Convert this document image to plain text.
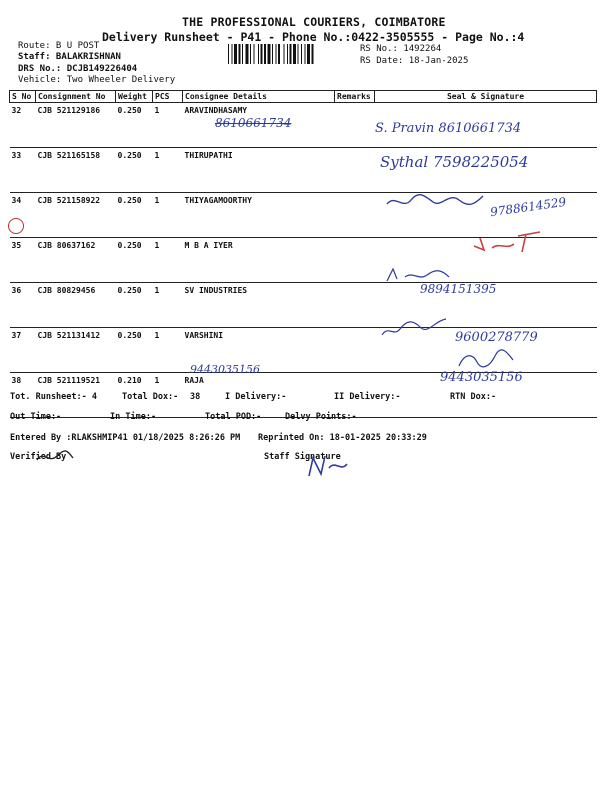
THE PROFESSIONAL COURIERS, COIMBATORE
Delivery Runsheet - P41 - Phone No.:0422-3505555 - Page No.:4
Route: B U POST
Staff: BALAKRISHNAN
DRS No.: DCJB149226404
Vehicle: Two Wheeler Delivery
RS No.: 1492264
RS Date: 18-Jan-2025
S No	Consignment No	Weight	PCS	Consignee Details	Remarks	Seal & Signature
32	CJB 521129186	0.250	1	ARAVINDHASAMY		

33	CJB 521165158	0.250	1	THIRUPATHI		
34	CJB 521158922	0.250	1	THIYAGAMOORTHY		
35	CJB 80637162	0.250	1	M B A IYER		
36	CJB 80829456	0.250	1	SV INDUSTRIES		
37	CJB 521131412	0.250	1	VARSHINI		
38	CJB 521119521	0.210	1	RAJA		
8610661734
9443035156
S. Pravin 8610661734
Sythal 7598225054
9788614529
9894151395
9600278779
9443035156
Tot. Runsheet:- 4	Total Dox:- 38	I Delivery:-	II Delivery:-	RTN Dox:-
Out Time:-	In Time:-	Total POD:-	Delvy Points:-
Entered By :RLAKSHMIP41 01/18/2025 8:26:26 PM Reprinted On: 18-01-2025 20:33:29
Verified By	Staff Signature
